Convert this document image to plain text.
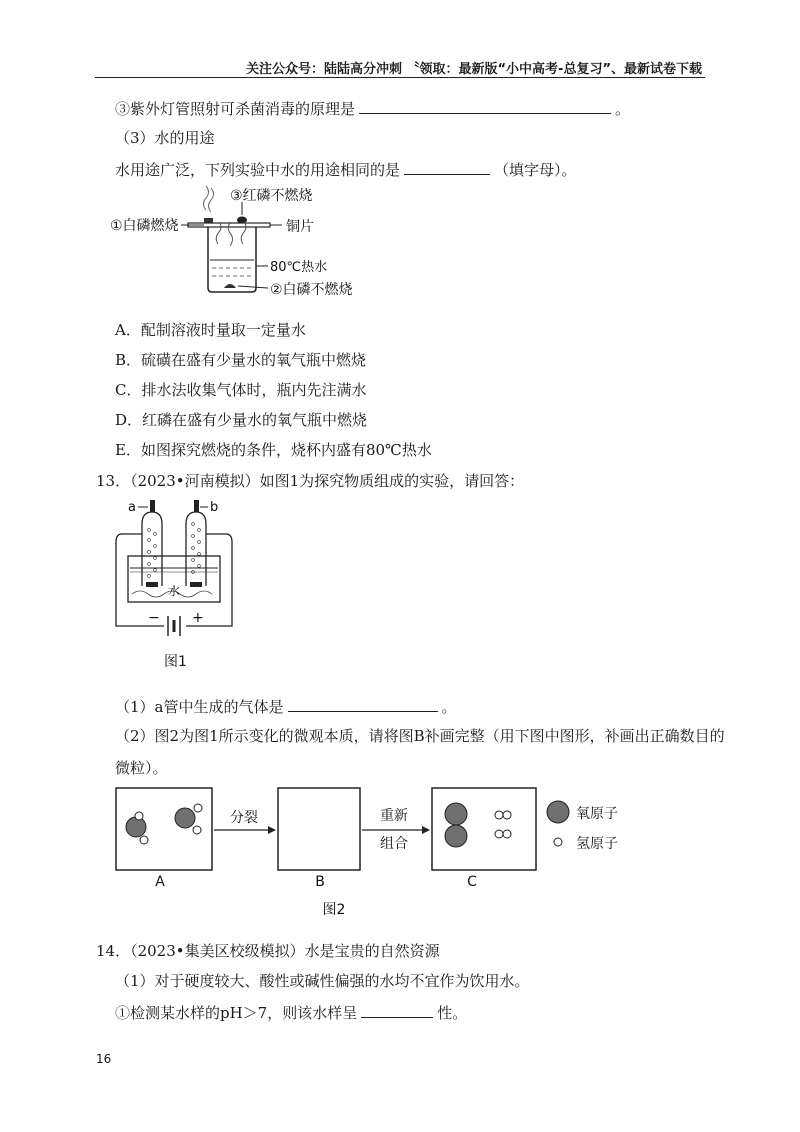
关注公众号：陆陆高分冲刺 〝领取：最新版“小中高考-总复习”、最新试卷下载
③紫外灯管照射可杀菌消毒的原理是	。
（3）水的用途
水用途广泛，下列实验中水的用途相同的是	（填字母）。
①白磷燃烧
③红磷不燃烧
铜片
80℃热水
②白磷不燃烧
A．配制溶液时量取一定量水
B．硫磺在盛有少量水的氧气瓶中燃烧
C．排水法收集气体时，瓶内先注满水
D．红磷在盛有少量水的氧气瓶中燃烧
E．如图探究燃烧的条件，烧杯内盛有80℃热水
13．（2023•河南模拟）如图1为探究物质组成的实验，请回答：
a	b
水
− +
图1
（1）a管中生成的气体是	。
（2）图2为图1所示变化的微观本质，请将图B补画完整（用下图中图形，补画出正确数目的
微粒）。
A
分裂
B
重新
组合
C
氧原子
氢原子
图2
14．（2023•集美区校级模拟）水是宝贵的自然资源
（1）对于硬度较大、酸性或碱性偏强的水均不宜作为饮用水。
①检测某水样的pH＞7，则该水样呈	性。
16
